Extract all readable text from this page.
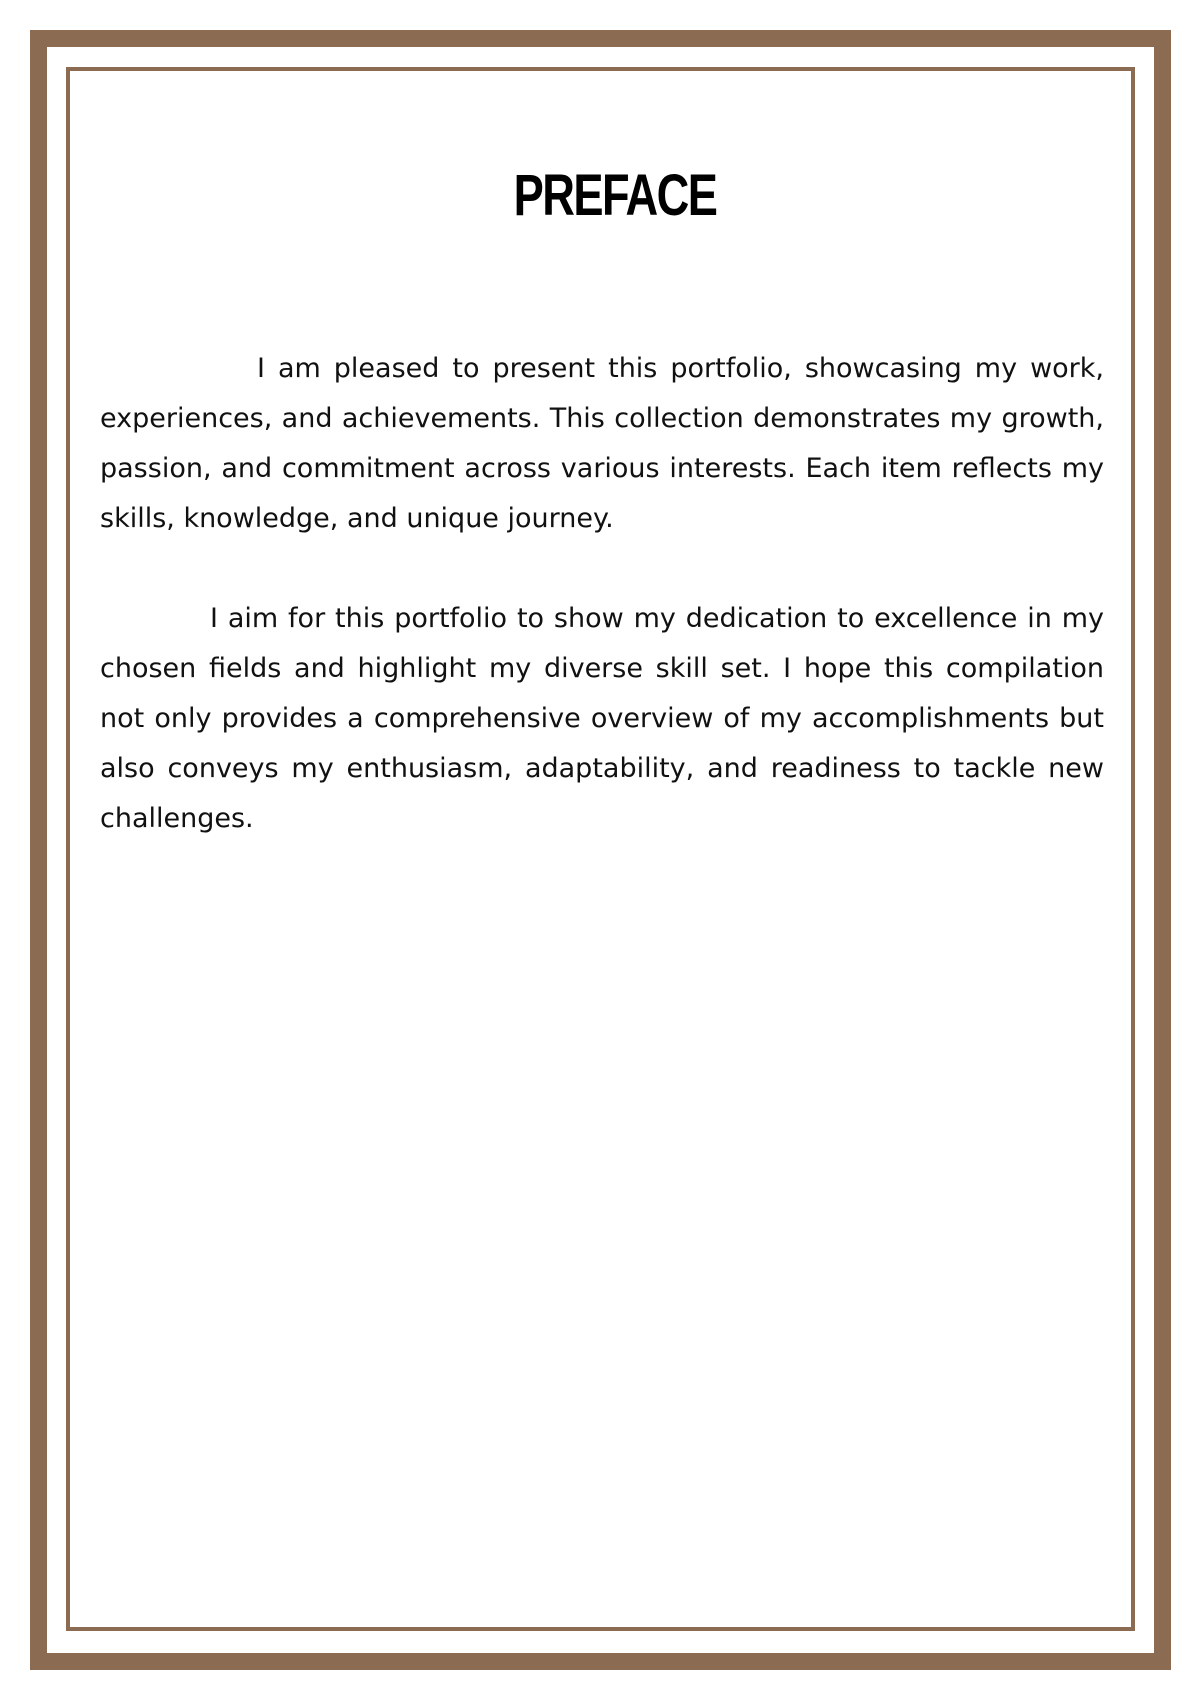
PREFACE

I am pleased to present this portfolio, showcasing my work, experiences, and achievements. This collection demonstrates my growth, passion, and commitment across various interests. Each item reflects my skills, knowledge, and unique journey.

I aim for this portfolio to show my dedication to excellence in my chosen fields and highlight my diverse skill set. I hope this compilation not only provides a comprehensive overview of my accomplishments but also conveys my enthusiasm, adaptability, and readiness to tackle new challenges.
